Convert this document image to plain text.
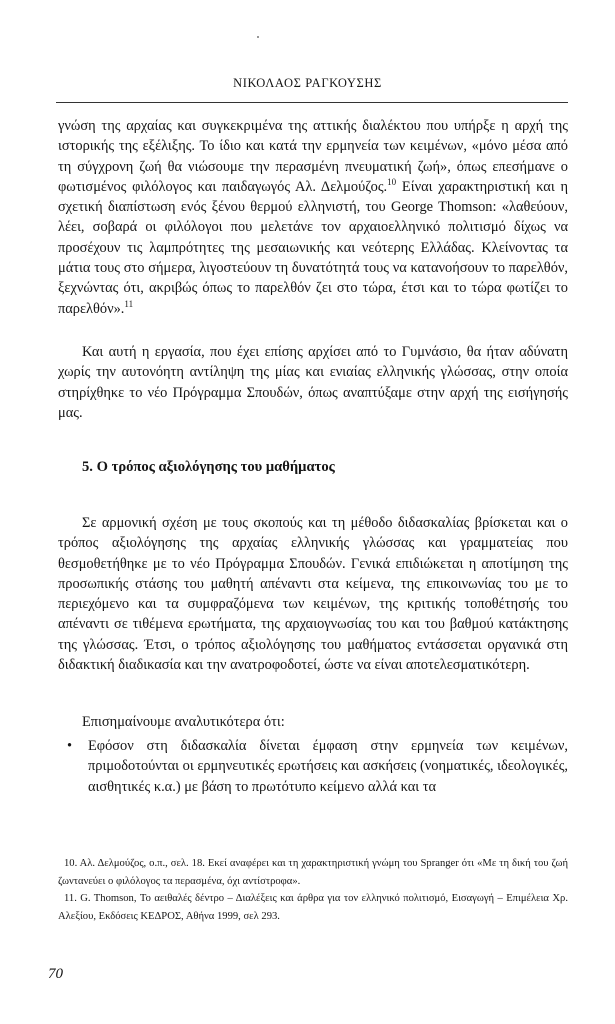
ΝΙΚΟΛΑΟΣ ΡΑΓΚΟΥΣΗΣ

γνώση της αρχαίας και συγκεκριμένα της αττικής διαλέκτου που υπήρξε η αρχή της ιστορικής της εξέλιξης. Το ίδιο και κατά την ερμηνεία των κειμένων, «μόνο μέσα από τη σύγχρονη ζωή θα νιώσουμε την περασμένη πνευματική ζωή», όπως επεσήμανε ο φωτισμένος φιλόλογος και παιδαγωγός Αλ. Δελμούζος.$^{10}$ Είναι χαρακτηριστική και η σχετική διαπίστωση ενός ξένου θερμού ελληνιστή, του George Thomson: «λαθεύουν, λέει, σοβαρά οι φιλόλογοι που μελετάνε τον αρχαιοελληνικό πολιτισμό δίχως να προσέχουν τις λαμπρότητες της μεσαιωνικής και νεότερης Ελλάδας. Κλείνοντας τα μάτια τους στο σήμερα, λιγοστεύουν τη δυνατότητά τους να κατανοήσουν το παρελθόν, ξεχνώντας ότι, ακριβώς όπως το παρελθόν ζει στο τώρα, έτσι και το τώρα φωτίζει το παρελθόν».$^{11}$

Και αυτή η εργασία, που έχει επίσης αρχίσει από το Γυμνάσιο, θα ήταν αδύνατη χωρίς την αυτονόητη αντίληψη της μίας και ενιαίας ελληνικής γλώσσας, στην οποία στηρίχθηκε το νέο Πρόγραμμα Σπουδών, όπως αναπτύξαμε στην αρχή της εισήγησής μας.

5. Ο τρόπος αξιολόγησης του μαθήματος

Σε αρμονική σχέση με τους σκοπούς και τη μέθοδο διδασκαλίας βρίσκεται και ο τρόπος αξιολόγησης της αρχαίας ελληνικής γλώσσας και γραμματείας που θεσμοθετήθηκε με το νέο Πρόγραμμα Σπουδών. Γενικά επιδιώκεται η αποτίμηση της προσωπικής στάσης του μαθητή απέναντι στα κείμενα, της επικοινωνίας του με το περιεχόμενο και τα συμφραζόμενα των κειμένων, της κριτικής τοποθέτησής του απέναντι σε τιθέμενα ερωτήματα, της αρχαιογνωσίας του και του βαθμού κατάκτησης της γλώσσας. Έτσι, ο τρόπος αξιολόγησης του μαθήματος εντάσσεται οργανικά στη διδακτική διαδικασία και την ανατροφοδοτεί, ώστε να είναι αποτελεσματικότερη.

Επισημαίνουμε αναλυτικότερα ότι:

• Εφόσον στη διδασκαλία δίνεται έμφαση στην ερμηνεία των κειμένων, πριμοδοτούνται οι ερμηνευτικές ερωτήσεις και ασκήσεις (νοηματικές, ιδεολογικές, αισθητικές κ.α.) με βάση το πρωτότυπο κείμενο αλλά και τα

10. Αλ. Δελμούζος, ο.π., σελ. 18. Εκεί αναφέρει και τη χαρακτηριστική γνώμη του Spranger ότι «Με τη δική του ζωή ζωντανεύει ο φιλόλογος τα περασμένα, όχι αντίστροφα».

11. G. Thomson, Το αειθαλές δέντρο – Διαλέξεις και άρθρα για τον ελληνικό πολιτισμό, Εισαγωγή – Επιμέλεια Χρ. Αλεξίου, Εκδόσεις ΚΕΔΡΟΣ, Αθήνα 1999, σελ 293.

70
